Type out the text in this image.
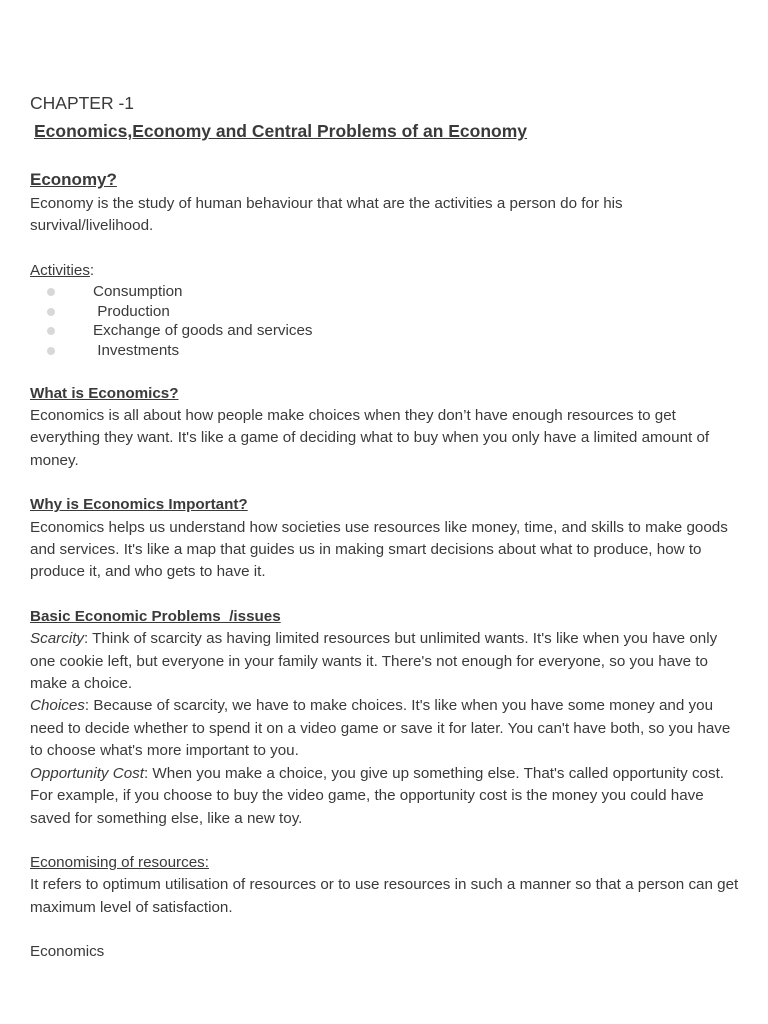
CHAPTER -1

Economics,Economy and Central Problems of an Economy

Economy?

Economy is the study of human behaviour that what are the activities a person do for his survival/livelihood.

Activities:

Consumption
Production
Exchange of goods and services
Investments

What is Economics?

Economics is all about how people make choices when they don’t have enough resources to get everything they want. It's like a game of deciding what to buy when you only have a limited amount of money.

Why is Economics Important?

Economics helps us understand how societies use resources like money, time, and skills to make goods and services. It's like a map that guides us in making smart decisions about what to produce, how to produce it, and who gets to have it.

Basic Economic Problems  /issues

Scarcity: Think of scarcity as having limited resources but unlimited wants. It's like when you have only one cookie left, but everyone in your family wants it. There's not enough for everyone, so you have to make a choice.

Choices: Because of scarcity, we have to make choices. It's like when you have some money and you need to decide whether to spend it on a video game or save it for later. You can't have both, so you have to choose what's more important to you.

Opportunity Cost: When you make a choice, you give up something else. That's called opportunity cost. For example, if you choose to buy the video game, the opportunity cost is the money you could have saved for something else, like a new toy.

Economising of resources:

It refers to optimum utilisation of resources or to use resources in such a manner so that a person can get maximum level of satisfaction.

Economics
